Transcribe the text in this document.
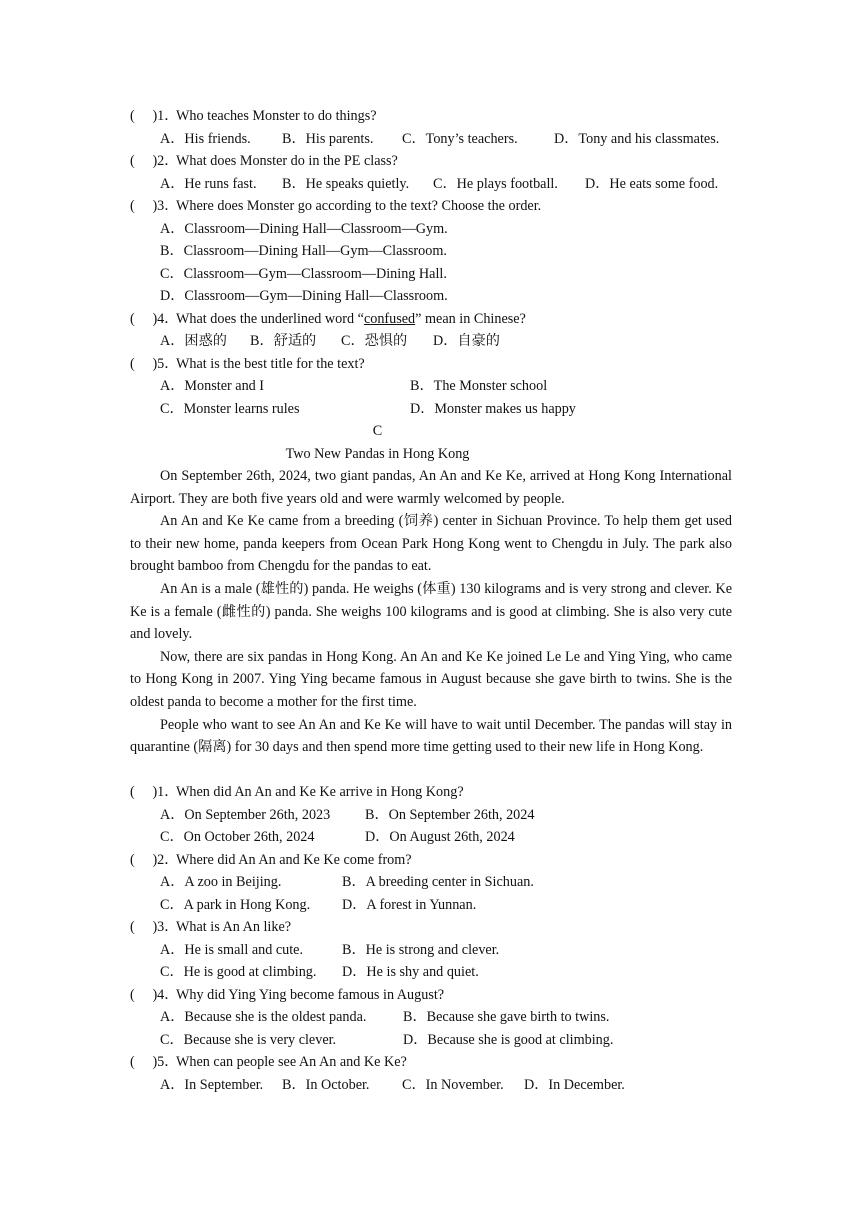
(     )1．Who teaches Monster to do things?
A．His friends. B．His parents. C．Tony’s teachers.	D．Tony and his classmates.
(     )2．What does Monster do in the PE class?
A．He runs fast. B．He speaks quietly. C．He plays football. D．He eats some food.
(     )3．Where does Monster go according to the text? Choose the order.
A．Classroom—Dining Hall—Classroom—Gym.
B．Classroom—Dining Hall—Gym—Classroom.
C．Classroom—Gym—Classroom—Dining Hall.
D．Classroom—Gym—Dining Hall—Classroom.
(     )4．What does the underlined word “confused” mean in Chinese?
A．困惑的 B．舒适的 C．恐惧的 D．自豪的
(     )5．What is the best title for the text?
A．Monster and I	B．The Monster school
C．Monster learns rules	D．Monster makes us happy
C
Two New Pandas in Hong Kong

On September 26th, 2024, two giant pandas, An An and Ke Ke, arrived at Hong Kong International Airport. They are both five years old and were warmly welcomed by people.

An An and Ke Ke came from a breeding (饲养) center in Sichuan Province. To help them get used to their new home, panda keepers from Ocean Park Hong Kong went to Chengdu in July. The park also brought bamboo from Chengdu for the pandas to eat.

An An is a male (雄性的) panda. He weighs (体重) 130 kilograms and is very strong and clever. Ke Ke is a female (雌性的) panda. She weighs 100 kilograms and is good at climbing. She is also very cute and lovely.

Now, there are six pandas in Hong Kong. An An and Ke Ke joined Le Le and Ying Ying, who came to Hong Kong in 2007. Ying Ying became famous in August because she gave birth to twins. She is the oldest panda to become a mother for the first time.

People who want to see An An and Ke Ke will have to wait until December. The pandas will stay in quarantine (隔离) for 30 days and then spend more time getting used to their new life in Hong Kong.

(     )1．When did An An and Ke Ke arrive in Hong Kong?
A．On September 26th, 2023 B．On September 26th, 2024
C．On October 26th, 2024	D．On August 26th, 2024
(     )2．Where did An An and Ke Ke come from?
A．A zoo in Beijing.	B．A breeding center in Sichuan.
C．A park in Hong Kong. D．A forest in Yunnan.
(     )3．What is An An like?
A．He is small and cute.	B．He is strong and clever.
C．He is good at climbing. D．He is shy and quiet.
(     )4．Why did Ying Ying become famous in August?
A．Because she is the oldest panda.	B．Because she gave birth to twins.
C．Because she is very clever.	D．Because she is good at climbing.
(     )5．When can people see An An and Ke Ke?
A．In September. B．In October. C．In November. D．In December.
